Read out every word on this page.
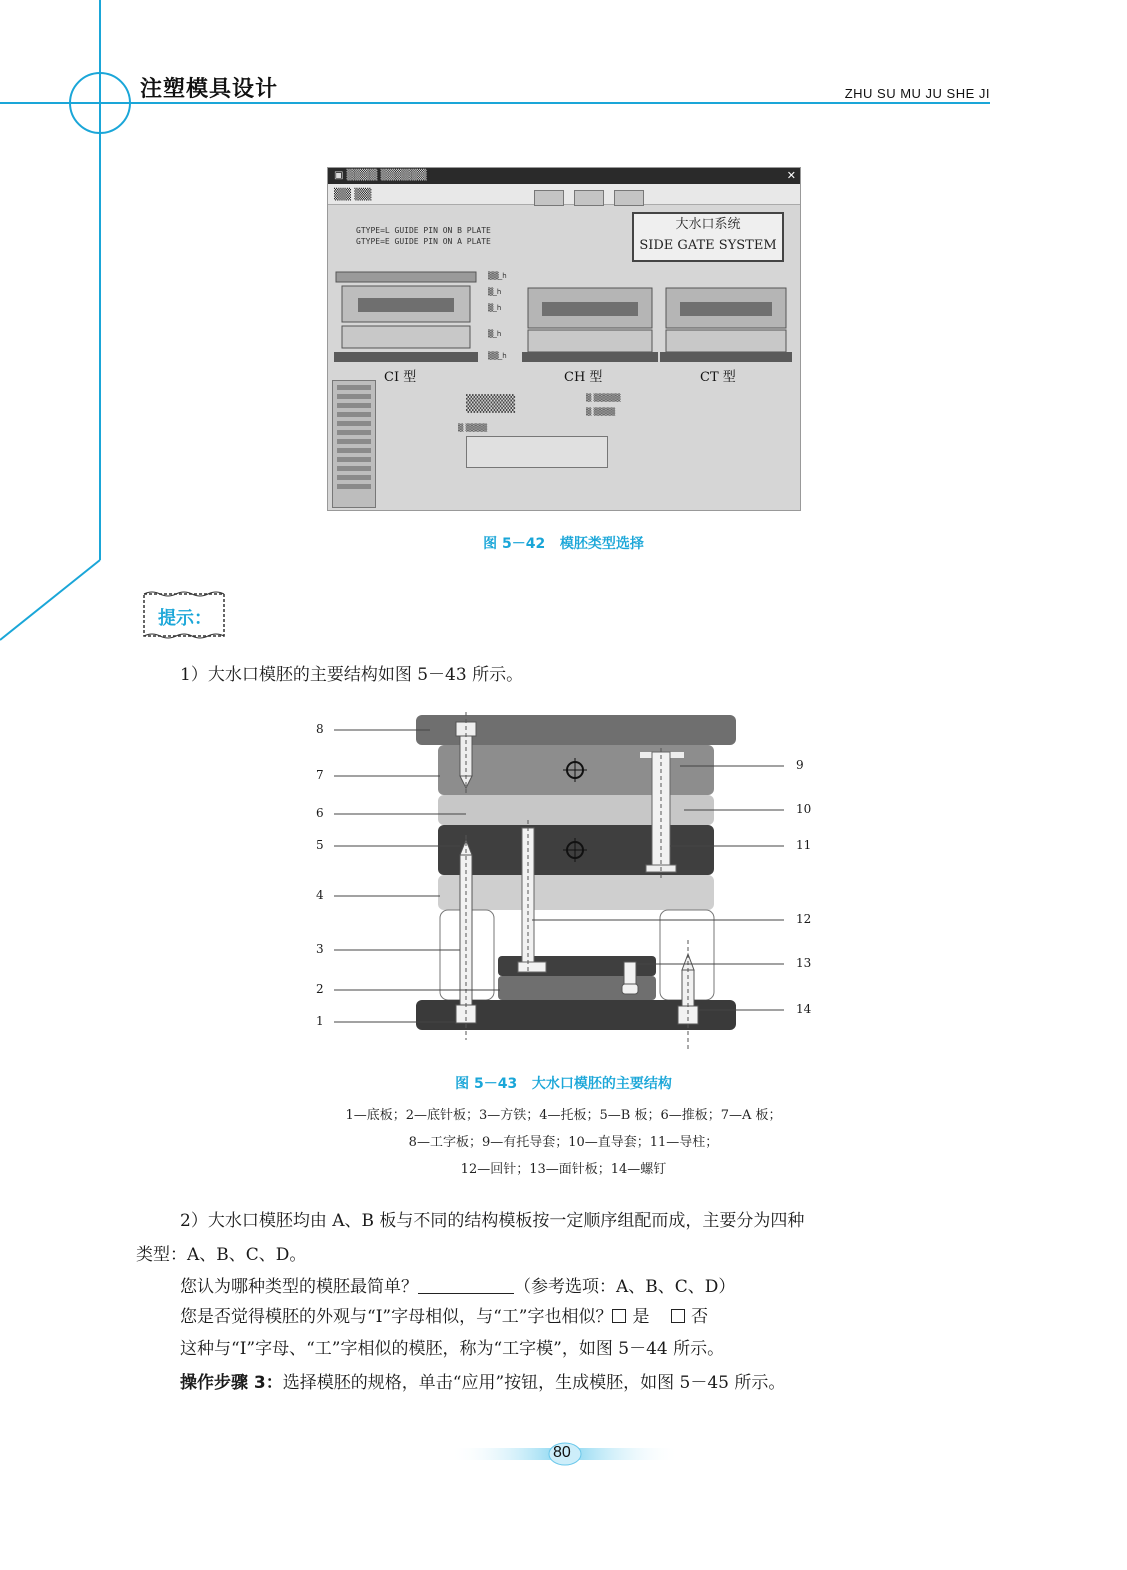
注塑模具设计	ZHU SU MU JU SHE JI
▣ ▒▒▒▒ ▒▒▒▒▒▒	✕
▒▒ ▒▒
GTYPE=L GUIDE PIN ON B PLATE
GTYPE=E GUIDE PIN ON A PLATE
大水口系统
SIDE GATE SYSTEM
▒▒_h
▒_h
▒_h
▒_h
▒▒_h
CI 型	CH 型	CT 型
▒▒▒▒	▒ ▒▒▒▒▒
▒ ▒▒▒▒
▒ ▒▒▒▒
图 5－42 模胚类型选择
提示：
1）大水口模胚的主要结构如图 5－43 所示。
8
7
6
5
4
3
2
1
9
10
11
12
13
14
图 5－43 大水口模胚的主要结构
1—底板；2—底针板；3—方铁；4—托板；5—B 板；6—推板；7—A 板；
8—工字板；9—有托导套；10—直导套；11—导柱；
12—回针；13—面针板；14—螺钉
2）大水口模胚均由 A、B 板与不同的结构模板按一定顺序组配而成，主要分为四种
类型：A、B、C、D。
您认为哪种类型的模胚最简单？	（参考选项：A、B、C、D）
您是否觉得模胚的外观与“I”字母相似，与“工”字也相似？ 是 否
这种与“I”字母、“工”字相似的模胚，称为“工字模”，如图 5－44 所示。
操作步骤 3：选择模胚的规格，单击“应用”按钮，生成模胚，如图 5－45 所示。
80
